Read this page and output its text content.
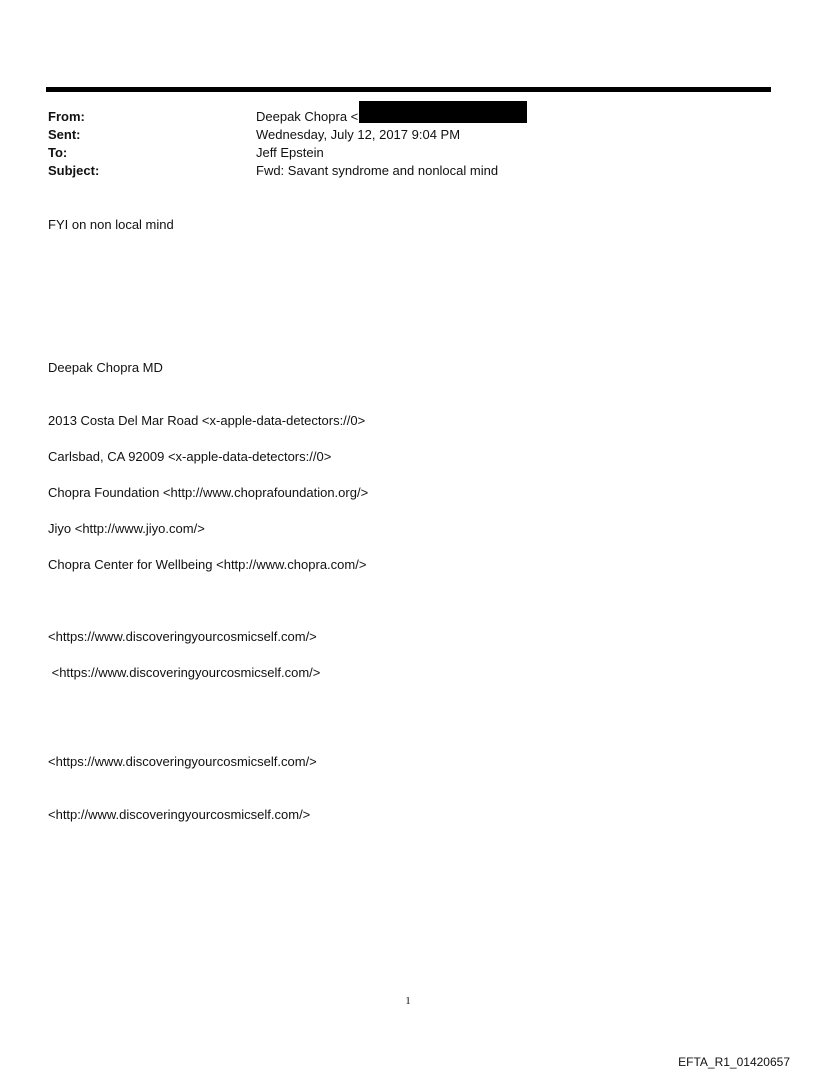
From:	Deepak Chopra <
Sent:	Wednesday, July 12, 2017 9:04 PM
To:	Jeff Epstein
Subject:	Fwd: Savant syndrome and nonlocal mind
FYI on non local mind
Deepak Chopra MD
2013 Costa Del Mar Road <x-apple-data-detectors://0>
Carlsbad, CA 92009 <x-apple-data-detectors://0>
Chopra Foundation <http://www.choprafoundation.org/>
Jiyo <http://www.jiyo.com/>
Chopra Center for Wellbeing <http://www.chopra.com/>
<https://www.discoveringyourcosmicself.com/>
<https://www.discoveringyourcosmicself.com/>
<https://www.discoveringyourcosmicself.com/>
<http://www.discoveringyourcosmicself.com/>
1
EFTA_R1_01420657
